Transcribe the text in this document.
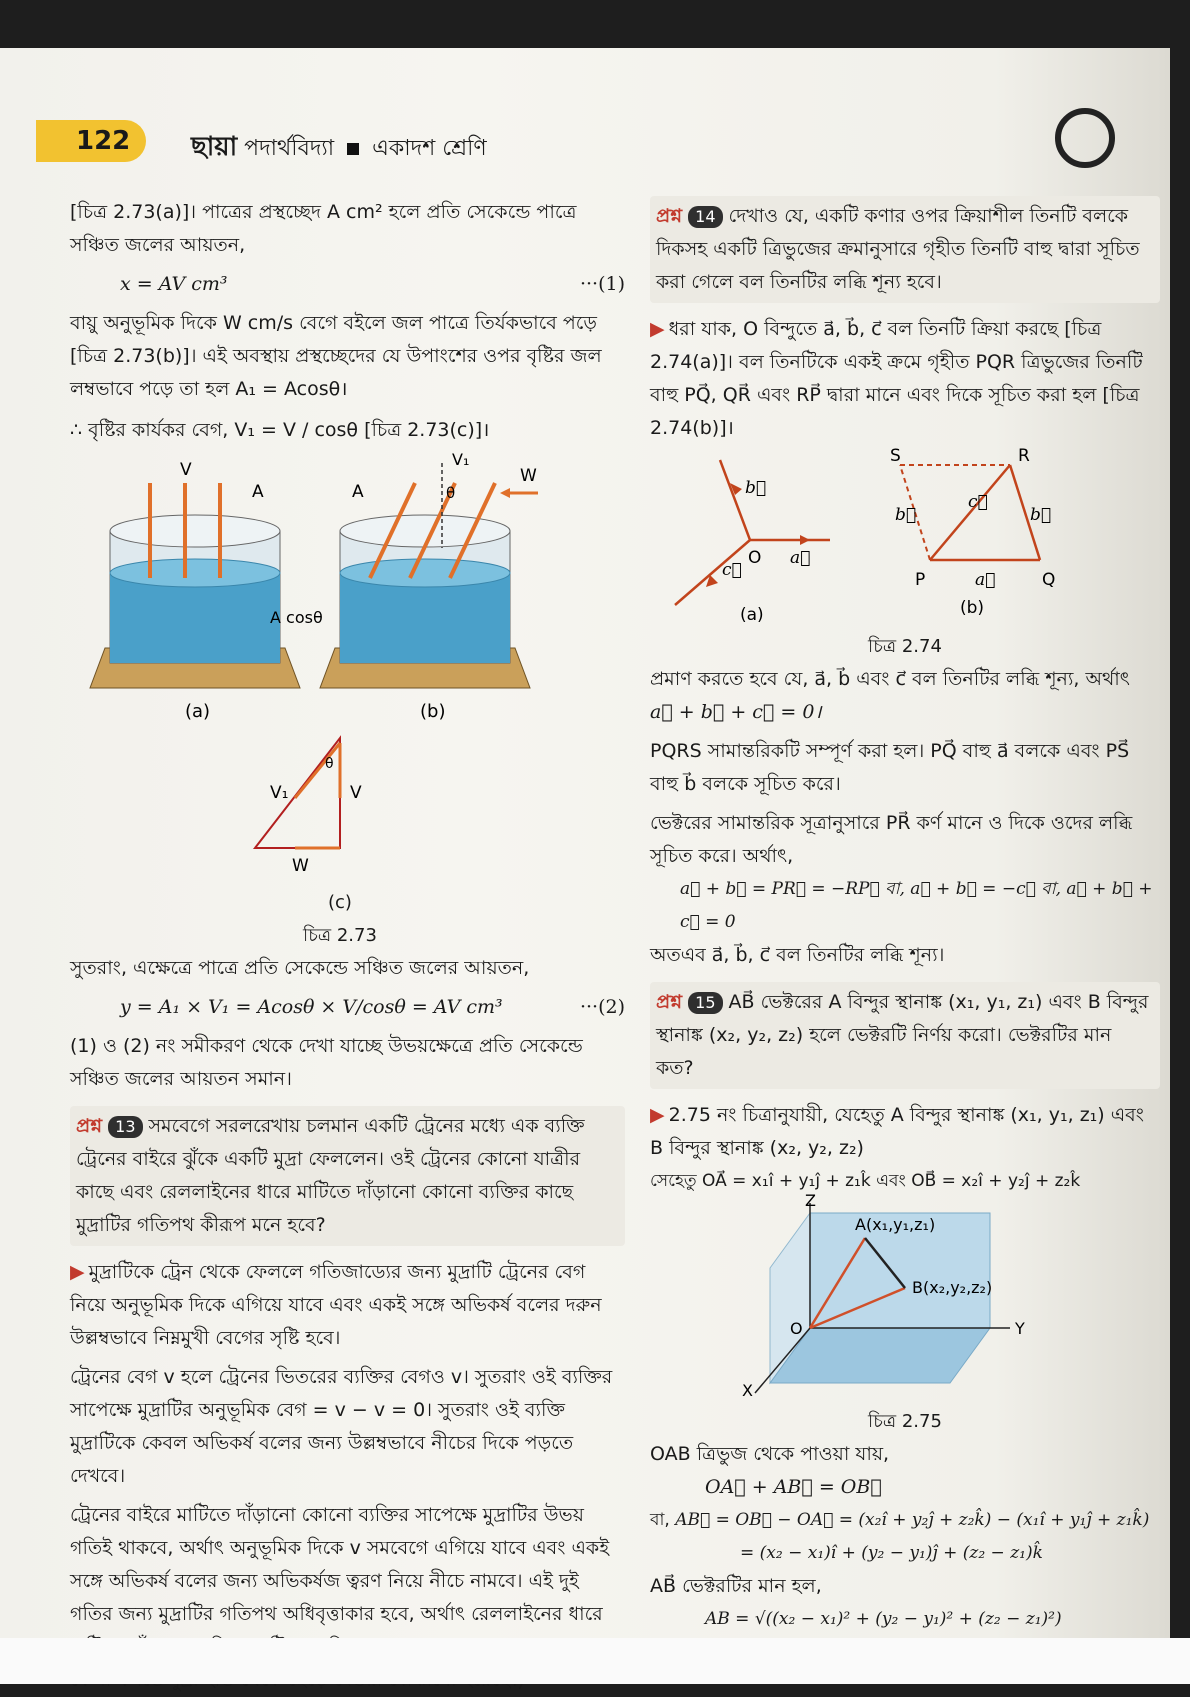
122	ছায়া পদার্থবিদ্যা একাদশ শ্রেণি

[চিত্র 2.73(a)]। পাত্রের প্রস্থচ্ছেদ A cm² হলে প্রতি সেকেন্ডে পাত্রে সঞ্চিত জলের আয়তন,

x = AV cm³	···(1)

বায়ু অনুভূমিক দিকে W cm/s বেগে বইলে জল পাত্রে তির্যকভাবে পড়ে [চিত্র 2.73(b)]। এই অবস্থায় প্রস্থচ্ছেদের যে উপাংশের ওপর বৃষ্টির জল লম্বভাবে পড়ে তা হল A₁ = Acosθ।

∴ বৃষ্টির কার্যকর বেগ, V₁ = V / cosθ [চিত্র 2.73(c)]।

V
A
(a)
W
V₁
θ
A
A cosθ
(b)
θ
V₁	V
W
(c)
চিত্র 2.73

সুতরাং, এক্ষেত্রে পাত্রে প্রতি সেকেন্ডে সঞ্চিত জলের আয়তন,

y = A₁ × V₁ = Acosθ × V/cosθ = AV cm³	···(2)

(1) ও (2) নং সমীকরণ থেকে দেখা যাচ্ছে উভয়ক্ষেত্রে প্রতি সেকেন্ডে সঞ্চিত জলের আয়তন সমান।

প্রশ্ন 13 সমবেগে সরলরেখায় চলমান একটি ট্রেনের মধ্যে এক ব্যক্তি ট্রেনের বাইরে ঝুঁকে একটি মুদ্রা ফেললেন। ওই ট্রেনের কোনো যাত্রীর কাছে এবং রেললাইনের ধারে মাটিতে দাঁড়ানো কোনো ব্যক্তির কাছে মুদ্রাটির গতিপথ কীরূপ মনে হবে?

▶ মুদ্রাটিকে ট্রেন থেকে ফেললে গতিজাড্যের জন্য মুদ্রাটি ট্রেনের বেগ নিয়ে অনুভূমিক দিকে এগিয়ে যাবে এবং একই সঙ্গে অভিকর্ষ বলের দরুন উল্লম্বভাবে নিম্নমুখী বেগের সৃষ্টি হবে।

ট্রেনের বেগ v হলে ট্রেনের ভিতরের ব্যক্তির বেগও v। সুতরাং ওই ব্যক্তির সাপেক্ষে মুদ্রাটির অনুভূমিক বেগ = v − v = 0। সুতরাং ওই ব্যক্তি মুদ্রাটিকে কেবল অভিকর্ষ বলের জন্য উল্লম্বভাবে নীচের দিকে পড়তে দেখবে।

ট্রেনের বাইরে মাটিতে দাঁড়ানো কোনো ব্যক্তির সাপেক্ষে মুদ্রাটির উভয় গতিই থাকবে, অর্থাৎ অনুভূমিক দিকে v সমবেগে এগিয়ে যাবে এবং একই সঙ্গে অভিকর্ষ বলের জন্য অভিকর্ষজ ত্বরণ নিয়ে নীচে নামবে। এই দুই গতির জন্য মুদ্রাটির গতিপথ অধিবৃত্তাকার হবে, অর্থাৎ রেললাইনের ধারে

প্রশ্ন 14 দেখাও যে, একটি কণার ওপর ক্রিয়াশীল তিনটি বলকে দিকসহ একটি ত্রিভুজের ক্রমানুসারে গৃহীত তিনটি বাহু দ্বারা সূচিত করা গেলে বল তিনটির লব্ধি শূন্য হবে।

▶ ধরা যাক, O বিন্দুতে a⃗, b⃗, c⃗ বল তিনটি ক্রিয়া করছে [চিত্র 2.74(a)]। বল তিনটিকে একই ক্রমে গৃহীত PQR ত্রিভুজের তিনটি বাহু PQ⃗, QR⃗ এবং RP⃗ দ্বারা মানে এবং দিকে সূচিত করা হল [চিত্র 2.74(b)]।

b⃗
O a⃗
c⃗
(a)
S	R
P	Q
b⃗
c⃗
b⃗
a⃗
(b)
চিত্র 2.74

প্রমাণ করতে হবে যে, a⃗, b⃗ এবং c⃗ বল তিনটির লব্ধি শূন্য, অর্থাৎ

a⃗ + b⃗ + c⃗ = 0।

PQRS সামান্তরিকটি সম্পূর্ণ করা হল। PQ⃗ বাহু a⃗ বলকে এবং PS⃗ বাহু b⃗ বলকে সূচিত করে।

ভেক্টরের সামান্তরিক সূত্রানুসারে PR⃗ কর্ণ মানে ও দিকে ওদের লব্ধি সূচিত করে। অর্থাৎ,

a⃗ + b⃗ = PR⃗ = −RP⃗ বা, a⃗ + b⃗ = −c⃗ বা, a⃗ + b⃗ + c⃗ = 0

অতএব a⃗, b⃗, c⃗ বল তিনটির লব্ধি শূন্য।

প্রশ্ন 15 AB⃗ ভেক্টরের A বিন্দুর স্থানাঙ্ক (x₁, y₁, z₁) এবং B বিন্দুর স্থানাঙ্ক (x₂, y₂, z₂) হলে ভেক্টরটি নির্ণয় করো। ভেক্টরটির মান কত?

▶ 2.75 নং চিত্রানুযায়ী, যেহেতু A বিন্দুর স্থানাঙ্ক (x₁, y₁, z₁) এবং B বিন্দুর স্থানাঙ্ক (x₂, y₂, z₂)

সেহেতু OA⃗ = x₁î + y₁ĵ + z₁k̂ এবং OB⃗ = x₂î + y₂ĵ + z₂k̂

Z
Y
X
O
A(x₁,y₁,z₁)
B(x₂,y₂,z₂)
চিত্র 2.75

OAB ত্রিভুজ থেকে পাওয়া যায়,

OA⃗ + AB⃗ = OB⃗

বা, AB⃗ = OB⃗ − OA⃗ = (x₂î + y₂ĵ + z₂k̂) − (x₁î + y₁ĵ + z₁k̂)

= (x₂ − x₁)î + (y₂ − y₁)ĵ + (z₂ − z₁)k̂

AB⃗ ভেক্টরটির মান হল,

AB = √((x₂ − x₁)² + (y₂ − y₁)² + (z₂ − z₁)²)
